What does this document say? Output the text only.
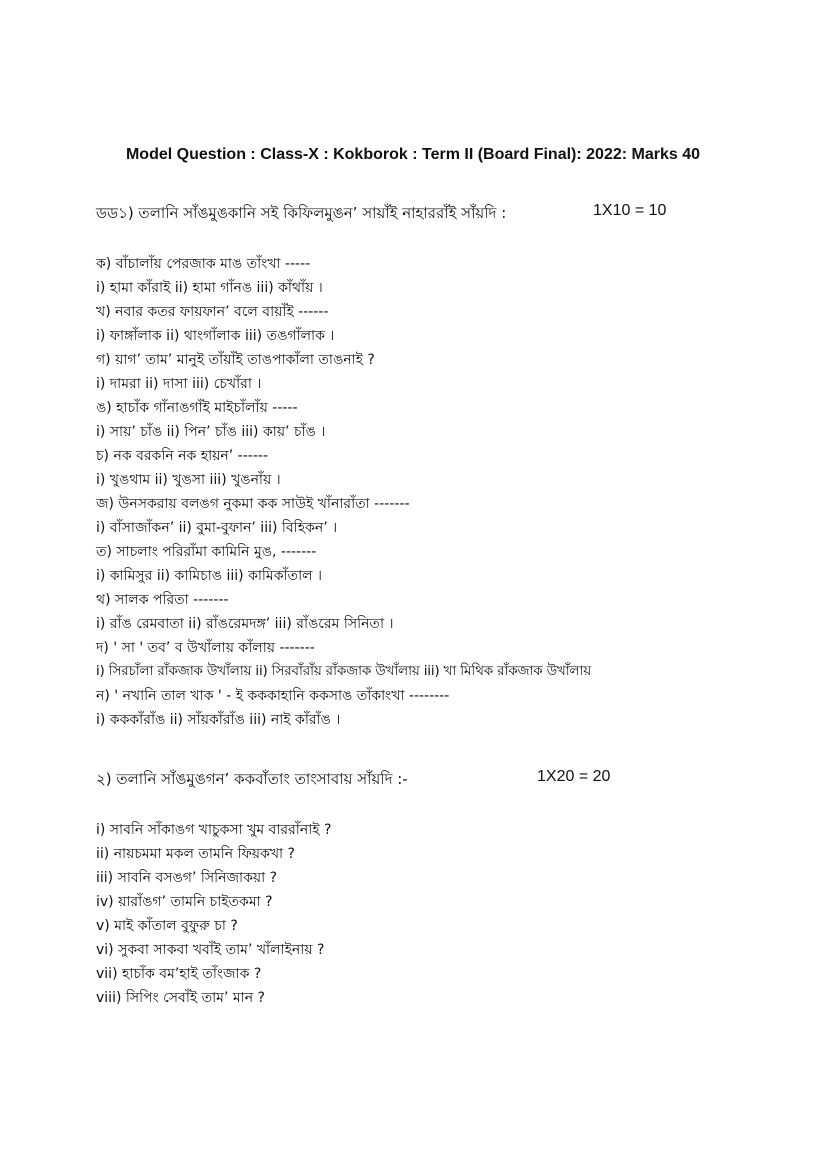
Model Question : Class-X : Kokborok : Term II (Board Final): 2022: Marks 40
ডড১) তলানি সাঁঙমুঙকানি সই কিফিলমুঙন’ সায়াঁই নাহাররাঁই সাঁয়দি :	1X10 = 10
ক) বাঁচালাঁয় পেরজাক মাঙ তাঁংখা -----
i) হামা কাঁরাই ii) হামা গাঁনঙ iii) কাঁথাঁয় ।
খ) নবার কতর ফায়ফান’ বলে বায়াঁই ------
i) ফাঙ্গাঁলাক ii) থাংগাঁলাক iii) তঙগাঁলাক ।
গ) য়াগ’ তাম’ মানুই তাঁয়াঁই তাঙপাকাঁলা তাঙনাই ?
i) দামরা ii) দাসা iii) চেখাঁরা ।
ঙ) হাচাঁক গাঁনাঙগাঁই মাইচাঁলাঁয় -----
i) সায়’ চাঁঙ ii) পিন’ চাঁঙ iii) কায়’ চাঁঙ ।
চ) নক বরকনি নক হায়ন’ ------
i) খুঙথাম ii) খুঙসা iii) খুঙনাঁয় ।
জ) উনসকরায় বলঙগ নুকমা কক সাউই খাঁনারাঁতা -------
i) বাঁসাজাঁকন’ ii) বুমা-বুফান’ iii) বিহিকন’ ।
ত) সাচলাং পরিরাঁমা কামিনি মুঙ, -------
i) কামিসুর ii) কামিচাঙ iii) কামিকাঁতাল ।
থ) সালক পরিতা -------
i) রাঁঙ রেমবাতা ii) রাঁঙরেমদঙ্গ’ iii) রাঁঙরেম সিনিতা ।
দ) ' সা ' তব’ ব উখাঁলায় কাঁলায় -------
i) সিরচাঁলা রাঁকজাক উখাঁলায় ii) সিরবাঁরাঁয় রাঁকজাক উখাঁলায় iii) খা মিথিক রাঁকজাক উখাঁলায়
ন) ' নখানি তাল খাক ' - ই কককাহানি ককসাঙ তাঁকাংখা --------
i) কককাঁরাঁঙ ii) সাঁয়কাঁরাঁঙ iii) নাই কাঁরাঁঙ ।
২) তলানি সাঁঙমুঙগন’ ককবাঁতাং তাংসাবায় সাঁয়দি :-	1X20 = 20
i) সাবনি সাঁকাঙগ খাচুকসা খুম বাররাঁনাই ?
ii) নায়চমমা মকল তামনি ফিয়কখা ?
iii) সাবনি বসঙগ’ সিনিজাকয়া ?
iv) য়ারাঁঙগ’ তামনি চাইতকমা ?
v) মাই কাঁতাল বুফুরু চা ?
vi) সুকবা সাকবা খবাঁই তাম’ খাঁলাইনায় ?
vii) হাচাঁক বম’হাই তাঁংজাক ?
viii) সিপিং সেবাঁই তাম’ মান ?
